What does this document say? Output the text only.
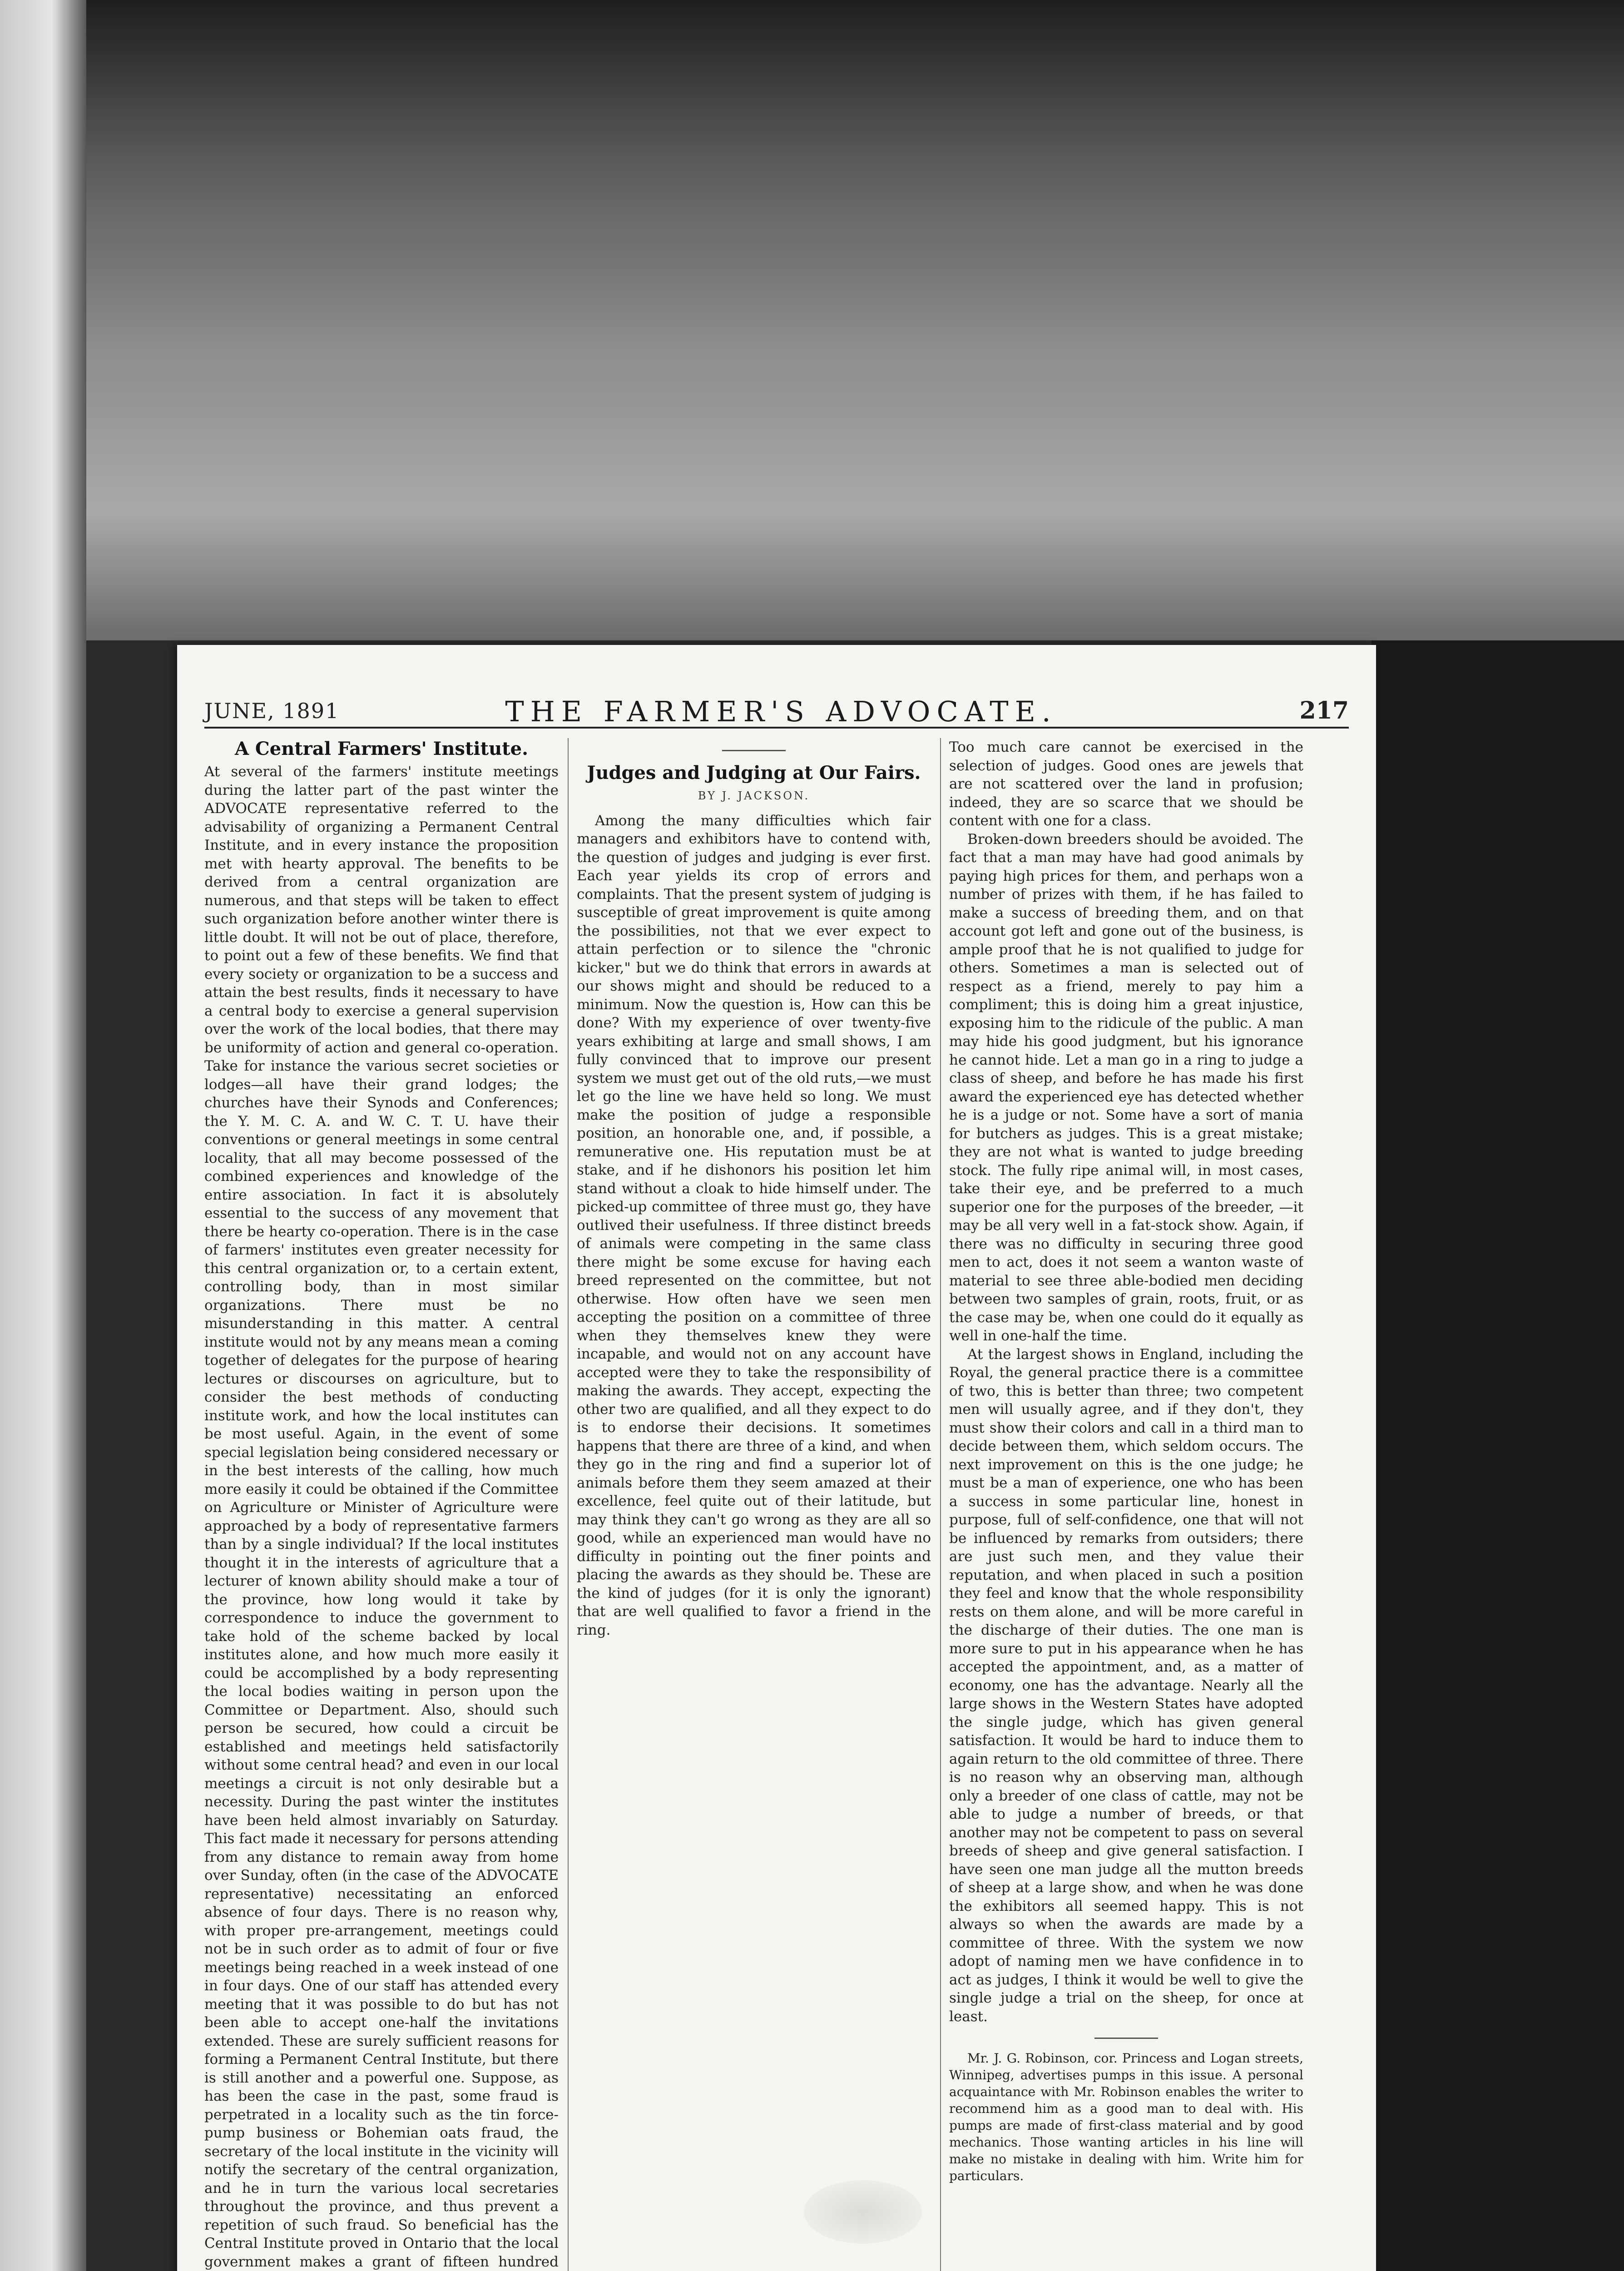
JUNE, 1891	THE FARMER'S ADVOCATE.	217
A Central Farmers' Institute.

At several of the farmers' institute meetings during the latter part of the past winter the ADVOCATE representative referred to the advisability of organizing a Permanent Central Institute, and in every instance the proposition met with hearty approval. The benefits to be derived from a central organization are numerous, and that steps will be taken to effect such organization before another winter there is little doubt. It will not be out of place, therefore, to point out a few of these benefits. We find that every society or organization to be a success and attain the best results, finds it necessary to have a central body to exercise a general supervision over the work of the local bodies, that there may be uniformity of action and general co-operation. Take for instance the various secret societies or lodges—all have their grand lodges; the churches have their Synods and Conferences; the Y. M. C. A. and W. C. T. U. have their conventions or general meetings in some central locality, that all may become possessed of the combined experiences and knowledge of the entire association. In fact it is absolutely essential to the success of any movement that there be hearty co-operation. There is in the case of farmers' institutes even greater necessity for this central organization or, to a certain extent, controlling body, than in most similar organizations. There must be no misunderstanding in this matter. A central institute would not by any means mean a coming together of delegates for the purpose of hearing lectures or discourses on agriculture, but to consider the best methods of conducting institute work, and how the local institutes can be most useful. Again, in the event of some special legislation being considered necessary or in the best interests of the calling, how much more easily it could be obtained if the Committee on Agriculture or Minister of Agriculture were approached by a body of representative farmers than by a single individual? If the local institutes thought it in the interests of agriculture that a lecturer of known ability should make a tour of the province, how long would it take by correspondence to induce the government to take hold of the scheme backed by local institutes alone, and how much more easily it could be accomplished by a body representing the local bodies waiting in person upon the Committee or Department. Also, should such person be secured, how could a circuit be established and meetings held satisfactorily without some central head? and even in our local meetings a circuit is not only desirable but a necessity. During the past winter the institutes have been held almost invariably on Saturday. This fact made it necessary for persons attending from any distance to remain away from home over Sunday, often (in the case of the ADVOCATE representative) necessitating an enforced absence of four days. There is no reason why, with proper pre-arrangement, meetings could not be in such order as to admit of four or five meetings being reached in a week instead of one in four days. One of our staff has attended every meeting that it was possible to do but has not been able to accept one-half the invitations extended. These are surely sufficient reasons for forming a Permanent Central Institute, but there is still another and a powerful one. Suppose, as has been the case in the past, some fraud is perpetrated in a locality such as the tin force-pump business or Bohemian oats fraud, the secretary of the local institute in the vicinity will notify the secretary of the central organization, and he in turn the various local secretaries throughout the province, and thus prevent a repetition of such fraud. So beneficial has the Central Institute proved in Ontario that the local government makes a grant of fifteen hundred

Judges and Judging at Our Fairs.
BY J. JACKSON.

Among the many difficulties which fair managers and exhibitors have to contend with, the question of judges and judging is ever first. Each year yields its crop of errors and complaints. That the present system of judging is susceptible of great improvement is quite among the possibilities, not that we ever expect to attain perfection or to silence the "chronic kicker," but we do think that errors in awards at our shows might and should be reduced to a minimum. Now the question is, How can this be done? With my experience of over twenty-five years exhibiting at large and small shows, I am fully convinced that to improve our present system we must get out of the old ruts,—we must let go the line we have held so long. We must make the position of judge a responsible position, an honorable one, and, if possible, a remunerative one. His reputation must be at stake, and if he dishonors his position let him stand without a cloak to hide himself under. The picked-up committee of three must go, they have outlived their usefulness. If three distinct breeds of animals were competing in the same class there might be some excuse for having each breed represented on the committee, but not otherwise. How often have we seen men accepting the position on a committee of three when they themselves knew they were incapable, and would not on any account have accepted were they to take the responsibility of making the awards. They accept, expecting the other two are qualified, and all they expect to do is to endorse their decisions. It sometimes happens that there are three of a kind, and when they go in the ring and find a superior lot of animals before them they seem amazed at their excellence, feel quite out of their latitude, but may think they can't go wrong as they are all so good, while an experienced man would have no difficulty in pointing out the finer points and placing the awards as they should be. These are the kind of judges (for it is only the ignorant) that are well qualified to favor a friend in the ring.

Too much care cannot be exercised in the selection of judges. Good ones are jewels that are not scattered over the land in profusion; indeed, they are so scarce that we should be content with one for a class.

Broken-down breeders should be avoided. The fact that a man may have had good animals by paying high prices for them, and perhaps won a number of prizes with them, if he has failed to make a success of breeding them, and on that account got left and gone out of the business, is ample proof that he is not qualified to judge for others. Sometimes a man is selected out of respect as a friend, merely to pay him a compliment; this is doing him a great injustice, exposing him to the ridicule of the public. A man may hide his good judgment, but his ignorance he cannot hide. Let a man go in a ring to judge a class of sheep, and before he has made his first award the experienced eye has detected whether he is a judge or not. Some have a sort of mania for butchers as judges. This is a great mistake; they are not what is wanted to judge breeding stock. The fully ripe animal will, in most cases, take their eye, and be preferred to a much superior one for the purposes of the breeder, —it may be all very well in a fat-stock show. Again, if there was no difficulty in securing three good men to act, does it not seem a wanton waste of material to see three able-bodied men deciding between two samples of grain, roots, fruit, or as the case may be, when one could do it equally as well in one-half the time.

At the largest shows in England, including the Royal, the general practice there is a committee of two, this is better than three; two competent men will usually agree, and if they don't, they must show their colors and call in a third man to decide between them, which seldom occurs. The next improvement on this is the one judge; he must be a man of experience, one who has been a success in some particular line, honest in purpose, full of self-confidence, one that will not be influenced by remarks from outsiders; there are just such men, and they value their reputation, and when placed in such a position they feel and know that the whole responsibility rests on them alone, and will be more careful in the discharge of their duties. The one man is more sure to put in his appearance when he has accepted the appointment, and, as a matter of economy, one has the advantage. Nearly all the large shows in the Western States have adopted the single judge, which has given general satisfaction. It would be hard to induce them to again return to the old committee of three. There is no reason why an observing man, although only a breeder of one class of cattle, may not be able to judge a number of breeds, or that another may not be competent to pass on several breeds of sheep and give general satisfaction. I have seen one man judge all the mutton breeds of sheep at a large show, and when he was done the exhibitors all seemed happy. This is not always so when the awards are made by a committee of three. With the system we now adopt of naming men we have confidence in to act as judges, I think it would be well to give the single judge a trial on the sheep, for once at least.

Mr. J. G. Robinson, cor. Princess and Logan streets, Winnipeg, advertises pumps in this issue. A personal acquaintance with Mr. Robinson enables the writer to recommend him as a good man to deal with. His pumps are made of first-class material and by good mechanics. Those wanting articles in his line will make no mistake in dealing with him. Write him for particulars.
